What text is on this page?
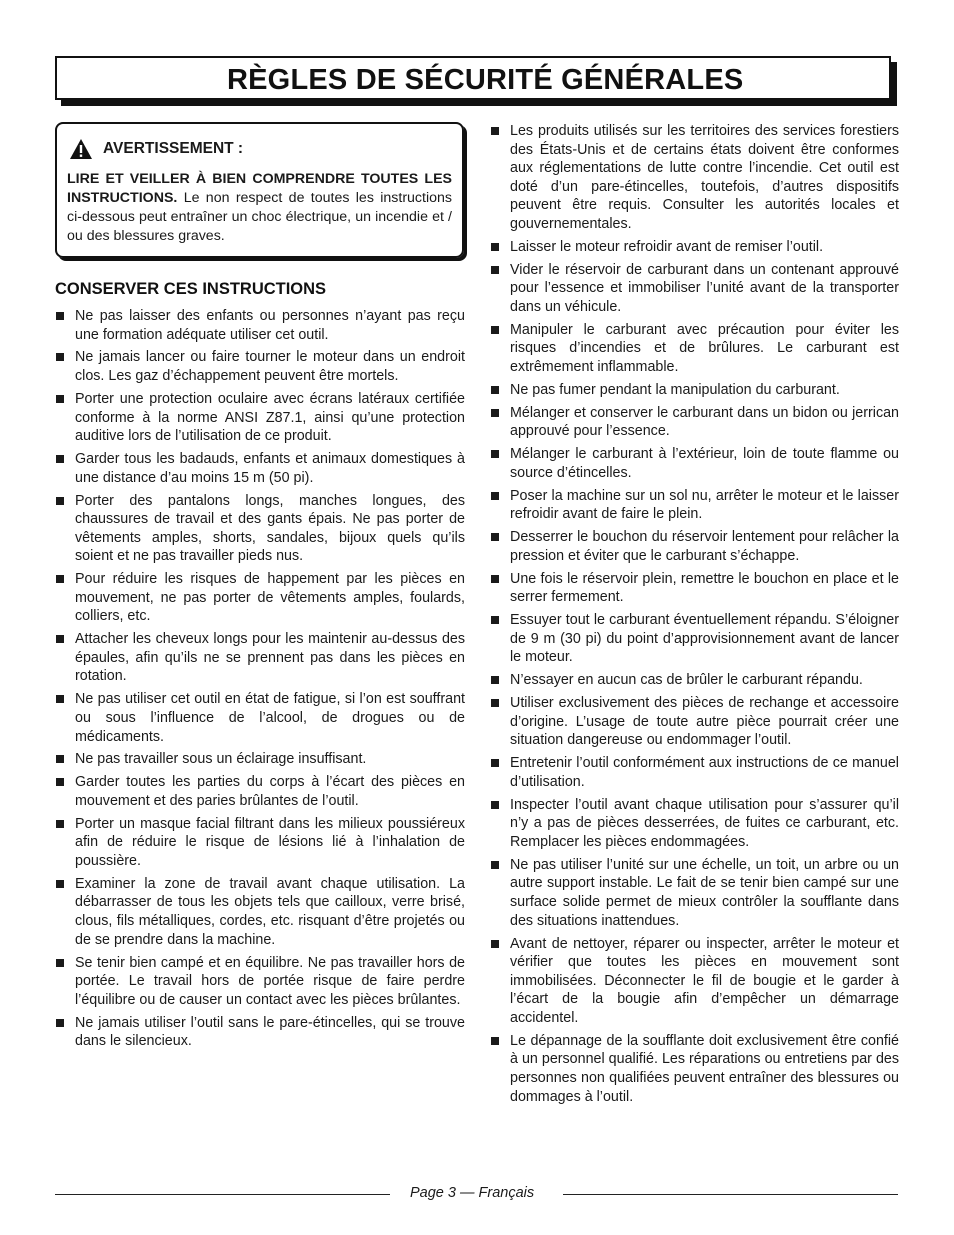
RÈGLES DE SÉCURITÉ GÉNÉRALES
AVERTISSEMENT :
LIRE ET VEILLER À BIEN COMPRENDRE TOUTES LES INSTRUCTIONS. Le non respect de toutes les instructions ci-dessous peut entraîner un choc électrique, un incendie et / ou des blessures graves.
CONSERVER CES INSTRUCTIONS
Ne pas laisser des enfants ou personnes n’ayant pas reçu une formation adéquate utiliser cet outil.
Ne jamais lancer ou faire tourner le moteur dans un endroit clos. Les gaz d’échappement peuvent être mortels.
Porter une protection oculaire avec écrans latéraux certifiée conforme à la norme ANSI Z87.1, ainsi qu’une protection auditive lors de l’utilisation de ce produit.
Garder tous les badauds, enfants et animaux domestiques à une distance d’au moins 15 m (50 pi).
Porter des pantalons longs, manches longues, des chaussures de travail et des gants épais. Ne pas porter de vêtements amples, shorts, sandales, bijoux quels qu’ils soient et ne pas travailler pieds nus.
Pour réduire les risques de happement par les pièces en mouvement, ne pas porter de vêtements amples, foulards, colliers, etc.
Attacher les cheveux longs pour les maintenir au-dessus des épaules, afin qu’ils ne se prennent pas dans les pièces en rotation.
Ne pas utiliser cet outil en état de fatigue, si l’on est souffrant ou sous l’influence de l’alcool, de drogues ou de médicaments.
Ne pas travailler sous un éclairage insuffisant.
Garder toutes les parties du corps à l’écart des pièces en mouvement et des paries brûlantes de l’outil.
Porter un masque facial filtrant dans les milieux poussiéreux afin de réduire le risque de lésions lié à l’inhalation de poussière.
Examiner la zone de travail avant chaque utilisation. La débarrasser de tous les objets tels que cailloux, verre brisé, clous, fils métalliques, cordes, etc. risquant d’être projetés ou de se prendre dans la machine.
Se tenir bien campé et en équilibre. Ne pas travailler hors de portée. Le travail hors de portée risque de faire perdre l’équilibre ou de causer un contact avec les pièces brûlantes.
Ne jamais utiliser l’outil sans le pare-étincelles, qui se trouve dans le silencieux.
Les produits utilisés sur les territoires des services forestiers des États-Unis et de certains états doivent être conformes aux réglementations de lutte contre l’incendie. Cet outil est doté d’un pare-étincelles, toutefois, d’autres dispositifs peuvent être requis. Consulter les autorités locales et gouvernementales.
Laisser le moteur refroidir avant de remiser l’outil.
Vider le réservoir de carburant dans un contenant approuvé pour l’essence et immobiliser l’unité avant de la transporter dans un véhicule.
Manipuler le carburant avec précaution pour éviter les risques d’incendies et de brûlures. Le carburant est extrêmement inflammable.
Ne pas fumer pendant la manipulation du carburant.
Mélanger et conserver le carburant dans un bidon ou jerrican approuvé pour l’essence.
Mélanger le carburant à l’extérieur, loin de toute flamme ou source d’étincelles.
Poser la machine sur un sol nu, arrêter le moteur et le laisser refroidir avant de faire le plein.
Desserrer le bouchon du réservoir lentement pour relâcher la pression et éviter que le carburant s’échappe.
Une fois le réservoir plein, remettre le bouchon en place et le serrer fermement.
Essuyer tout le carburant éventuellement répandu. S’éloigner de 9 m (30 pi) du point d’approvisionnement avant de lancer le moteur.
N’essayer en aucun cas de brûler le carburant répandu.
Utiliser exclusivement des pièces de rechange et accessoire d’origine. L’usage de toute autre pièce pourrait créer une situation dangereuse ou endommager l’outil.
Entretenir l’outil conformément aux instructions de ce manuel d’utilisation.
Inspecter l’outil avant chaque utilisation pour s’assurer qu’il n’y a pas de pièces desserrées, de fuites ce carburant, etc. Remplacer les pièces endommagées.
Ne pas utiliser l’unité sur une échelle, un toit, un arbre ou un autre support instable. Le fait de se tenir bien campé sur une surface solide permet de mieux contrôler la soufflante dans des situations inattendues.
Avant de nettoyer, réparer ou inspecter, arrêter le moteur et vérifier que toutes les pièces en mouvement sont immobilisées. Déconnecter le fil de bougie et le garder à l’écart de la bougie afin d’empêcher un démarrage accidentel.
Le dépannage de la soufflante doit exclusivement être confié à un personnel qualifié. Les réparations ou entretiens par des personnes non qualifiées peuvent entraîner des blessures ou dommages à l’outil.
Page 3 — Français
